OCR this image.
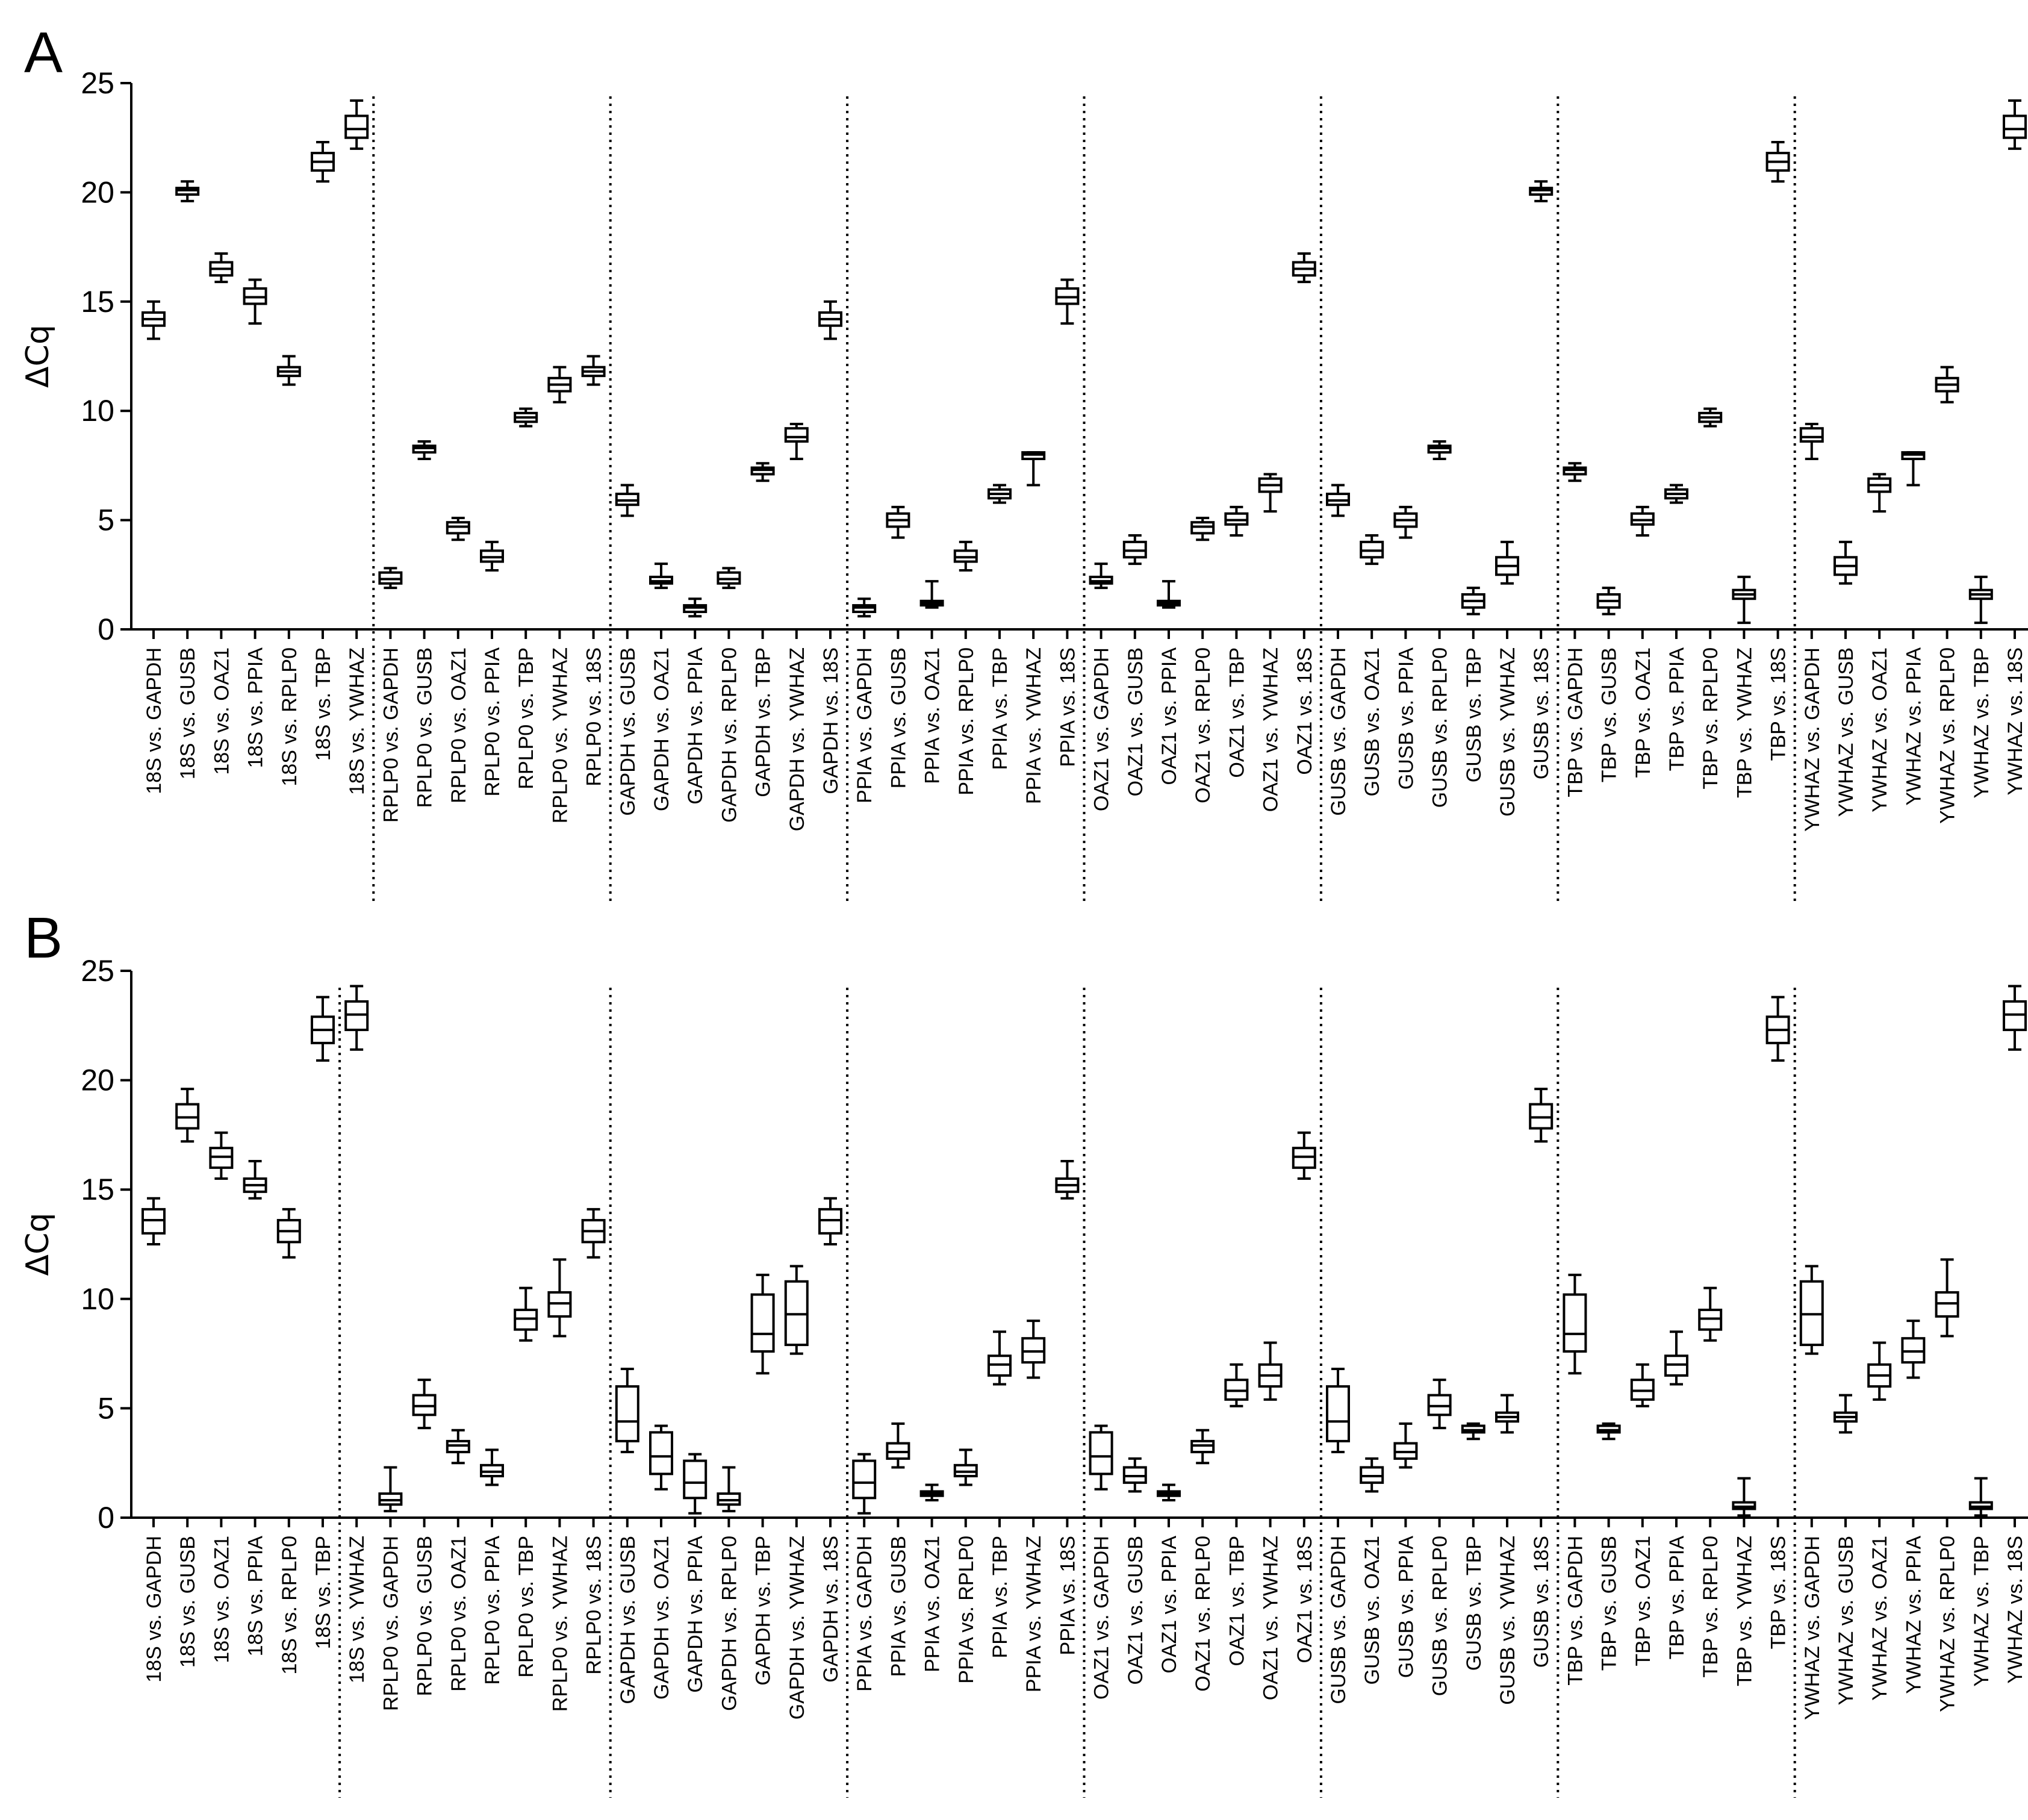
A
ΔCq
0
5
10
15
20
25
18S vs. GAPDH 18S vs. GUSB 18S vs. OAZ1 18S vs. PPIA 18S vs. RPLP0 18S vs. TBP 18S vs. YWHAZ RPLP0 vs. GAPDH RPLP0 vs. GUSB RPLP0 vs. OAZ1 RPLP0 vs. PPIA RPLP0 vs. TBP RPLP0 vs. YWHAZ RPLP0 vs. 18S GAPDH vs. GUSB GAPDH vs. OAZ1 GAPDH vs. PPIA GAPDH vs. RPLP0 GAPDH vs. TBP GAPDH vs. YWHAZ GAPDH vs. 18S PPIA vs. GAPDH PPIA vs. GUSB PPIA vs. OAZ1 PPIA vs. RPLP0 PPIA vs. TBP PPIA vs. YWHAZ PPIA vs. 18S OAZ1 vs. GAPDH OAZ1 vs. GUSB OAZ1 vs. PPIA OAZ1 vs. RPLP0 OAZ1 vs. TBP OAZ1 vs. YWHAZ OAZ1 vs. 18S GUSB vs. GAPDH GUSB vs. OAZ1 GUSB vs. PPIA GUSB vs. RPLP0 GUSB vs. TBP GUSB vs. YWHAZ GUSB vs. 18S TBP vs. GAPDH TBP vs. GUSB TBP vs. OAZ1 TBP vs. PPIA TBP vs. RPLP0 TBP vs. YWHAZ TBP vs. 18S YWHAZ vs. GAPDH YWHAZ vs. GUSB YWHAZ vs. OAZ1 YWHAZ vs. PPIA YWHAZ vs. RPLP0 YWHAZ vs. TBP YWHAZ vs. 18S
B
ΔCq
0
5
10
15
20
25
18S vs. GAPDH 18S vs. GUSB 18S vs. OAZ1 18S vs. PPIA 18S vs. RPLP0 18S vs. TBP 18S vs. YWHAZ RPLP0 vs. GAPDH RPLP0 vs. GUSB RPLP0 vs. OAZ1 RPLP0 vs. PPIA RPLP0 vs. TBP RPLP0 vs. YWHAZ RPLP0 vs. 18S GAPDH vs. GUSB GAPDH vs. OAZ1 GAPDH vs. PPIA GAPDH vs. RPLP0 GAPDH vs. TBP GAPDH vs. YWHAZ GAPDH vs. 18S PPIA vs. GAPDH PPIA vs. GUSB PPIA vs. OAZ1 PPIA vs. RPLP0 PPIA vs. TBP PPIA vs. YWHAZ PPIA vs. 18S OAZ1 vs. GAPDH OAZ1 vs. GUSB OAZ1 vs. PPIA OAZ1 vs. RPLP0 OAZ1 vs. TBP OAZ1 vs. YWHAZ OAZ1 vs. 18S GUSB vs. GAPDH GUSB vs. OAZ1 GUSB vs. PPIA GUSB vs. RPLP0 GUSB vs. TBP GUSB vs. YWHAZ GUSB vs. 18S TBP vs. GAPDH TBP vs. GUSB TBP vs. OAZ1 TBP vs. PPIA TBP vs. RPLP0 TBP vs. YWHAZ TBP vs. 18S YWHAZ vs. GAPDH YWHAZ vs. GUSB YWHAZ vs. OAZ1 YWHAZ vs. PPIA YWHAZ vs. RPLP0 YWHAZ vs. TBP YWHAZ vs. 18S
